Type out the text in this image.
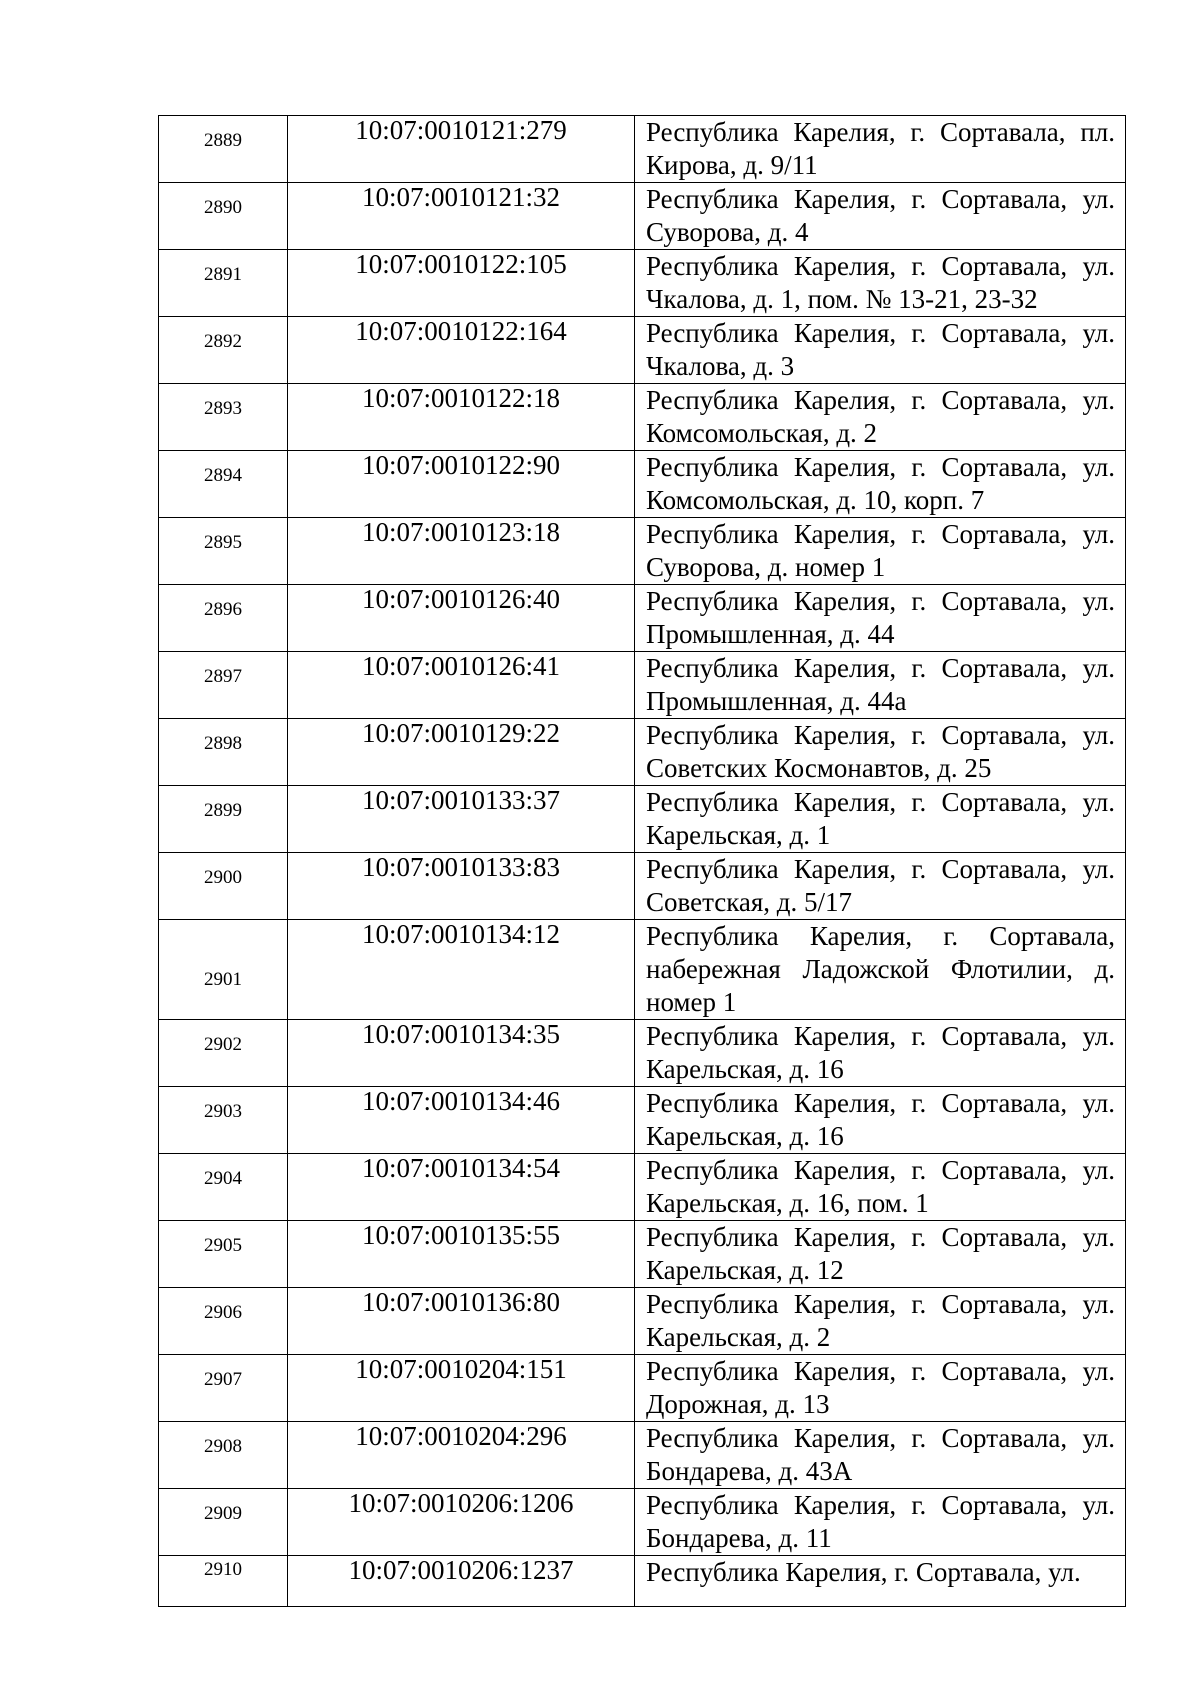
2889	10:07:0010121:279	Республика Карелия, г. Сортавала, пл. Кирова, д. 9/11

2890	10:07:0010121:32	Республика Карелия, г. Сортавала, ул. Суворова, д. 4

2891	10:07:0010122:105	Республика Карелия, г. Сортавала, ул. Чкалова, д. 1, пом. № 13-21, 23-32

2892	10:07:0010122:164	Республика Карелия, г. Сортавала, ул. Чкалова, д. 3

2893	10:07:0010122:18	Республика Карелия, г. Сортавала, ул. Комсомольская, д. 2

2894	10:07:0010122:90	Республика Карелия, г. Сортавала, ул. Комсомольская, д. 10, корп. 7

2895	10:07:0010123:18	Республика Карелия, г. Сортавала, ул. Суворова, д. номер 1

2896	10:07:0010126:40	Республика Карелия, г. Сортавала, ул. Промышленная, д. 44

2897	10:07:0010126:41	Республика Карелия, г. Сортавала, ул. Промышленная, д. 44а

2898	10:07:0010129:22	Республика Карелия, г. Сортавала, ул. Советских Космонавтов, д. 25

2899	10:07:0010133:37	Республика Карелия, г. Сортавала, ул. Карельская, д. 1

2900	10:07:0010133:83	Республика Карелия, г. Сортавала, ул. Советская, д. 5/17

2901	10:07:0010134:12	Республика Карелия, г. Сортавала, набережная Ладожской Флотилии, д. номер 1

2902	10:07:0010134:35	Республика Карелия, г. Сортавала, ул. Карельская, д. 16

2903	10:07:0010134:46	Республика Карелия, г. Сортавала, ул. Карельская, д. 16

2904	10:07:0010134:54	Республика Карелия, г. Сортавала, ул. Карельская, д. 16, пом. 1

2905	10:07:0010135:55	Республика Карелия, г. Сортавала, ул. Карельская, д. 12

2906	10:07:0010136:80	Республика Карелия, г. Сортавала, ул. Карельская, д. 2

2907	10:07:0010204:151	Республика Карелия, г. Сортавала, ул. Дорожная, д. 13

2908	10:07:0010204:296	Республика Карелия, г. Сортавала, ул. Бондарева, д. 43А

2909	10:07:0010206:1206	Республика Карелия, г. Сортавала, ул. Бондарева, д. 11

2910	10:07:0010206:1237	Республика Карелия, г. Сортавала, ул.
